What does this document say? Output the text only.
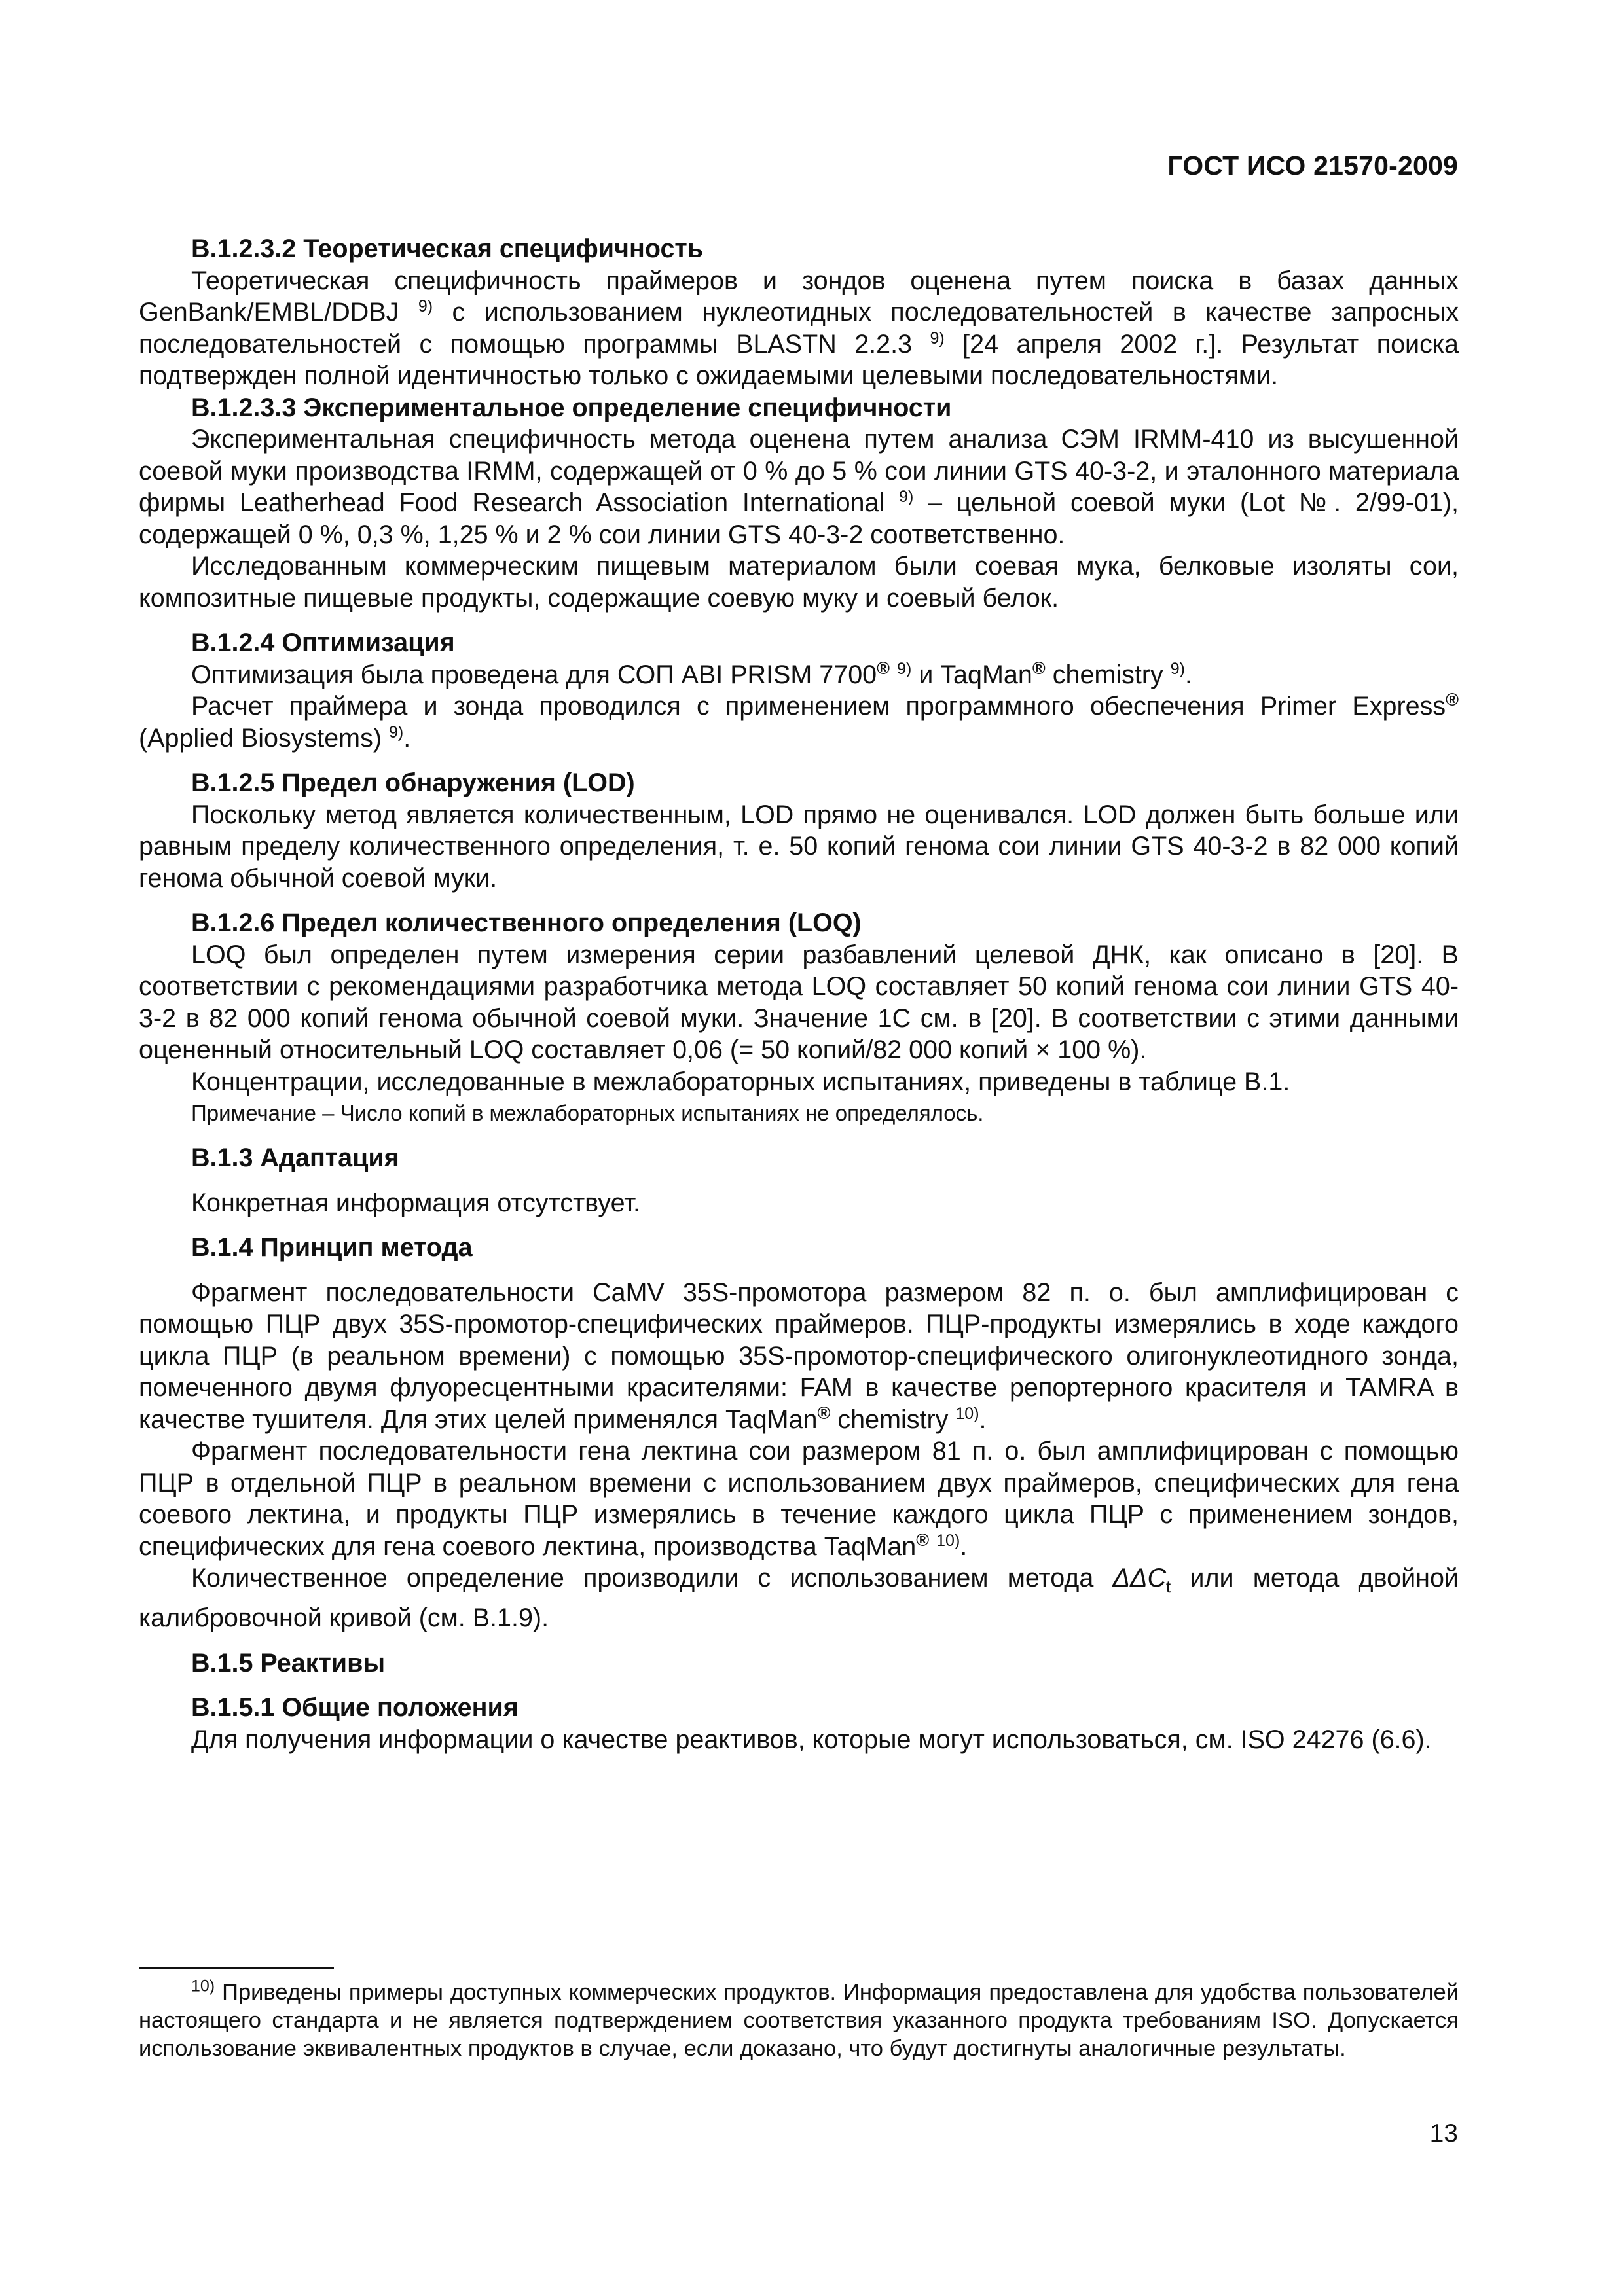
ГОСТ ИСО 21570-2009

B.1.2.3.2 Теоретическая специфичность

Теоретическая специфичность праймеров и зондов оценена путем поиска в базах данных GenBank/EMBL/DDBJ $^{9)}$ с использованием нуклеотидных последовательностей в качестве запросных последовательностей с помощью программы BLASTN 2.2.3 $^{9)}$ [24 апреля 2002 г.]. Результат поиска подтвержден полной идентичностью только с ожидаемыми целевыми последовательностями.

B.1.2.3.3 Экспериментальное определение специфичности

Экспериментальная специфичность метода оценена путем анализа СЭМ IRMM-410 из высушенной соевой муки производства IRMM, содержащей от 0 % до 5 % сои линии GTS 40-3-2, и эталонного материала фирмы Leatherhead Food Research Association International $^{9)}$ – цельной соевой муки (Lot №. 2/99-01), содержащей 0 %, 0,3 %, 1,25 % и 2 % сои линии GTS 40-3-2 соответственно.

Исследованным коммерческим пищевым материалом были соевая мука, белковые изоляты сои, композитные пищевые продукты, содержащие соевую муку и соевый белок.

B.1.2.4 Оптимизация

Оптимизация была проведена для СОП ABI PRISM 7700® $^{9)}$ и TaqMan® chemistry $^{9)}$.

Расчет праймера и зонда проводился с применением программного обеспечения Primer Express® (Applied Biosystems) $^{9)}$.

B.1.2.5 Предел обнаружения (LOD)

Поскольку метод является количественным, LOD прямо не оценивался. LOD должен быть больше или равным пределу количественного определения, т. е. 50 копий генома сои линии GTS 40-3-2 в 82 000 копий генома обычной соевой муки.

B.1.2.6 Предел количественного определения (LOQ)

LOQ был определен путем измерения серии разбавлений целевой ДНК, как описано в [20]. В соответствии с рекомендациями разработчика метода LOQ составляет 50 копий генома сои линии GTS 40-3-2 в 82 000 копий генома обычной соевой муки. Значение 1С см. в [20]. В соответствии с этими данными оцененный относительный LOQ составляет 0,06 (= 50 копий/82 000 копий × 100 %).

Концентрации, исследованные в межлабораторных испытаниях, приведены в таблице B.1.

Примечание – Число копий в межлабораторных испытаниях не определялось.

B.1.3 Адаптация

Конкретная информация отсутствует.

B.1.4 Принцип метода

Фрагмент последовательности CaMV 35S-промотора размером 82 п. о. был амплифицирован с помощью ПЦР двух 35S-промотор-специфических праймеров. ПЦР-продукты измерялись в ходе каждого цикла ПЦР (в реальном времени) с помощью 35S-промотор-специфического олигонуклеотидного зонда, помеченного двумя флуоресцентными красителями: FAM в качестве репортерного красителя и TAMRA в качестве тушителя. Для этих целей применялся TaqMan® chemistry $^{10)}$.

Фрагмент последовательности гена лектина сои размером 81 п. о. был амплифицирован с помощью ПЦР в отдельной ПЦР в реальном времени с использованием двух праймеров, специфических для гена соевого лектина, и продукты ПЦР измерялись в течение каждого цикла ПЦР с применением зондов, специфических для гена соевого лектина, производства TaqMan® $^{10)}$.

Количественное определение производили с использованием метода $\Delta\Delta C_t$ или метода двойной калибровочной кривой (см. B.1.9).

B.1.5 Реактивы

B.1.5.1 Общие положения

Для получения информации о качестве реактивов, которые могут использоваться, см. ISO 24276 (6.6).

$^{10)}$ Приведены примеры доступных коммерческих продуктов. Информация предоставлена для удобства пользователей настоящего стандарта и не является подтверждением соответствия указанного продукта требованиям ISO. Допускается использование эквивалентных продуктов в случае, если доказано, что будут достигнуты аналогичные результаты.
13
